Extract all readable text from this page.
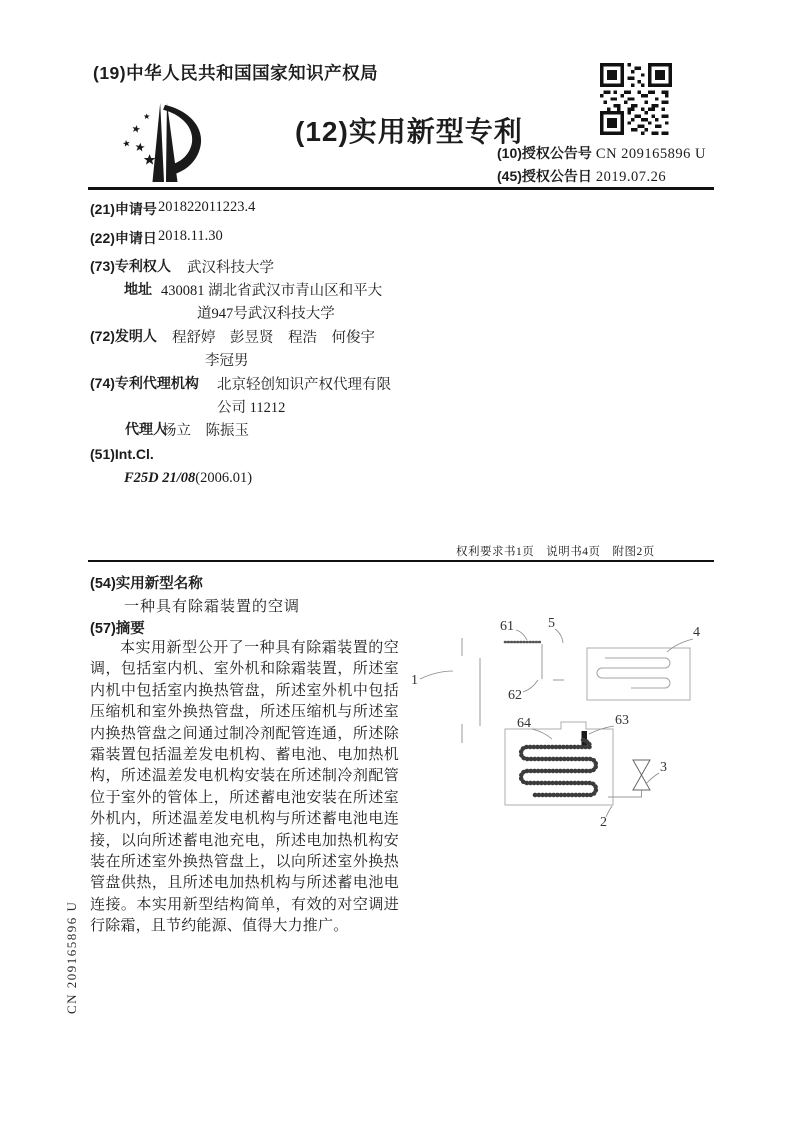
(19)中华人民共和国国家知识产权局
(12)实用新型专利
(10)授权公告号 CN 209165896 U
(45)授权公告日 2019.07.26
(21)申请号 201822011223.4
(22)申请日 2018.11.30
(73)专利权人 武汉科技大学
地址 430081 湖北省武汉市青山区和平大
道947号武汉科技大学
(72)发明人 程舒婷　彭昱贤　程浩　何俊宇
李冠男
(74)专利代理机构 北京轻创知识产权代理有限
公司 11212
代理人
杨立　陈振玉
(51)Int.Cl.
F25D 21/08(2006.01)
权利要求书1页　说明书4页　附图2页
(54)实用新型名称
一种具有除霜装置的空调
(57)摘要
本实用新型公开了一种具有除霜装置的空调，包括室内机、室外机和除霜装置，所述室内机中包括室内换热管盘，所述室外机中包括压缩机和室外换热管盘，所述压缩机与所述室内换热管盘之间通过制冷剂配管连通，所述除霜装置包括温差发电机构、蓄电池、电加热机构，所述温差发电机构安装在所述制冷剂配管位于室外的管体上，所述蓄电池安装在所述室外机内，所述温差发电机构与所述蓄电池电连接，以向所述蓄电池充电，所述电加热机构安装在所述室外换热管盘上，以向所述室外换热管盘供热，且所述电加热机构与所述蓄电池电连接。本实用新型结构简单，有效的对空调进行除霜，且节约能源、值得大力推广。
1
61 5
62
4
63
64
2
3
CN 209165896 U
